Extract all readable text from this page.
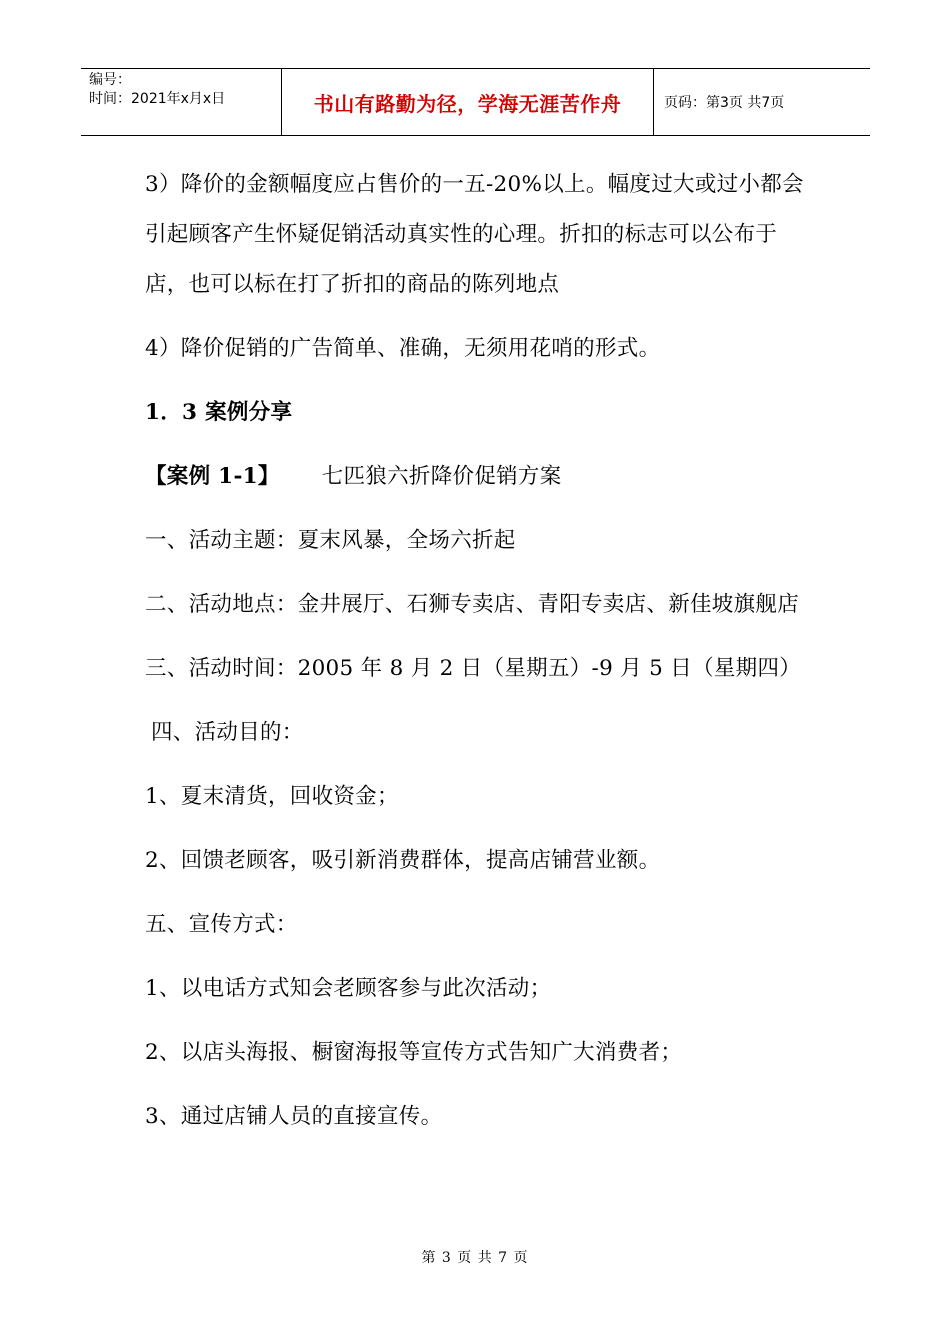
编号：
时间：2021年x月x日	书山有路勤为径，学海无涯苦作舟	页码：第3页 共7页

3）降价的金额幅度应占售价的一五-20%以上。幅度过大或过小都会引起顾客产生怀疑促销活动真实性的心理。折扣的标志可以公布于店，也可以标在打了折扣的商品的陈列地点

4）降价促销的广告简单、准确，无须用花哨的形式。

1．3 案例分享

【案例 1-1】 七匹狼六折降价促销方案

一、活动主题：夏末风暴，全场六折起

二、活动地点：金井展厅、石狮专卖店、青阳专卖店、新佳坡旗舰店

三、活动时间：2005 年 8 月 2 日（星期五）-9 月 5 日（星期四）

四、活动目的：

1、夏末清货，回收资金；

2、回馈老顾客，吸引新消费群体，提高店铺营业额。

五、宣传方式：

1、以电话方式知会老顾客参与此次活动；

2、以店头海报、橱窗海报等宣传方式告知广大消费者；

3、通过店铺人员的直接宣传。

第 3 页 共 7 页
